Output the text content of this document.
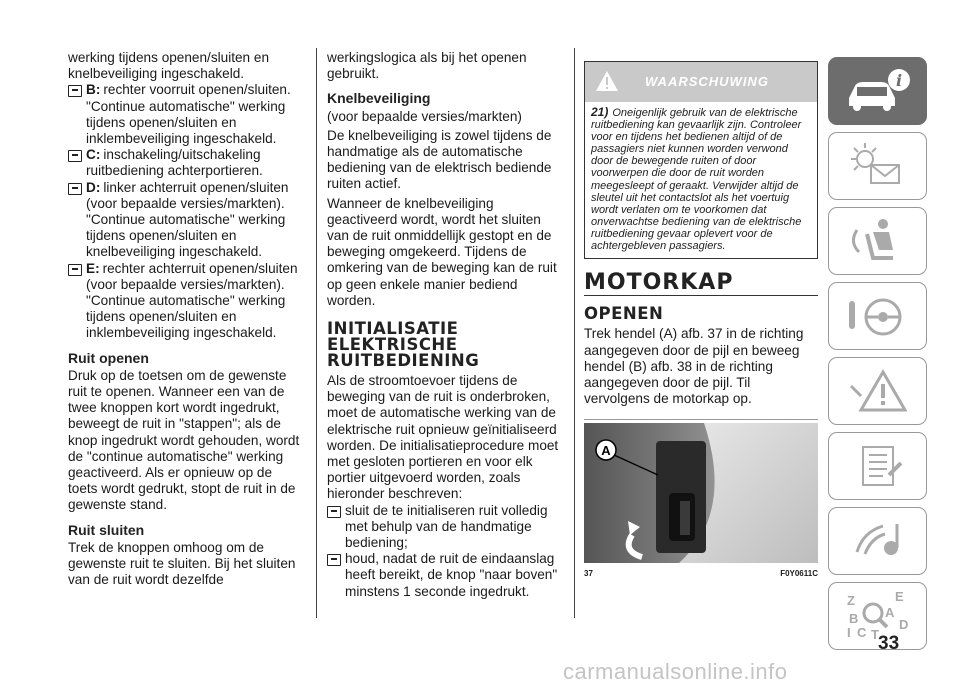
werking tijdens openen/sluiten en knelbeveiliging ingeschakeld.

B: rechter voorruit openen/sluiten. "Continue automatische" werking tijdens openen/sluiten en inklembeveiliging ingeschakeld.
C: inschakeling/uitschakeling ruitbediening achterportieren.
D: linker achterruit openen/sluiten (voor bepaalde versies/markten). "Continue automatische" werking tijdens openen/sluiten en knelbeveiliging ingeschakeld.
E: rechter achterruit openen/sluiten (voor bepaalde versies/markten). "Continue automatische" werking tijdens openen/sluiten en inklembeveiliging ingeschakeld.
Ruit openen

Druk op de toetsen om de gewenste ruit te openen. Wanneer een van de twee knoppen kort wordt ingedrukt, beweegt de ruit in "stappen"; als de knop ingedrukt wordt gehouden, wordt de "continue automatische" werking geactiveerd. Als er opnieuw op de toets wordt gedrukt, stopt de ruit in de gewenste stand.

Ruit sluiten

Trek de knoppen omhoog om de gewenste ruit te sluiten. Bij het sluiten van de ruit wordt dezelfde

werkingslogica als bij het openen gebruikt.

Knelbeveiliging

(voor bepaalde versies/markten)

De knelbeveiliging is zowel tijdens de handmatige als de automatische bediening van de elektrisch bediende ruiten actief.

Wanneer de knelbeveiliging geactiveerd wordt, wordt het sluiten van de ruit onmiddellijk gestopt en de beweging omgekeerd. Tijdens de omkering van de beweging kan de ruit op geen enkele manier bediend worden.

INITIALISATIE ELEKTRISCHE RUITBEDIENING

Als de stroomtoevoer tijdens de beweging van de ruit is onderbroken, moet de automatische werking van de elektrische ruit opnieuw geïnitialiseerd worden. De initialisatieprocedure moet met gesloten portieren en voor elk portier uitgevoerd worden, zoals hieronder beschreven:

sluit de te initialiseren ruit volledig met behulp van de handmatige bediening;
houd, nadat de ruit de eindaanslag heeft bereikt, de knop "naar boven" minstens 1 seconde ingedrukt.
WAARSCHUWING
21) Oneigenlijk gebruik van de elektrische ruitbediening kan gevaarlijk zijn. Controleer voor en tijdens het bedienen altijd of de passagiers niet kunnen worden verwond door de bewegende ruiten of door voorwerpen die door de ruit worden meegesleept of geraakt. Verwijder altijd de sleutel uit het contactslot als het voertuig wordt verlaten om te voorkomen dat onverwachtse bediening van de elektrische ruitbediening gevaar oplevert voor de achtergebleven passagiers.
MOTORKAP
OPENEN

Trek hendel (A) afb. 37 in de richting aangegeven door de pijl en beweeg hendel (B) afb. 38 in de richting aangegeven door de pijl. Til vervolgens de motorkap op.

A
37	F0Y0611C
i
Z	E
A
B
C
D
T
I
33
carmanualsonline.info
